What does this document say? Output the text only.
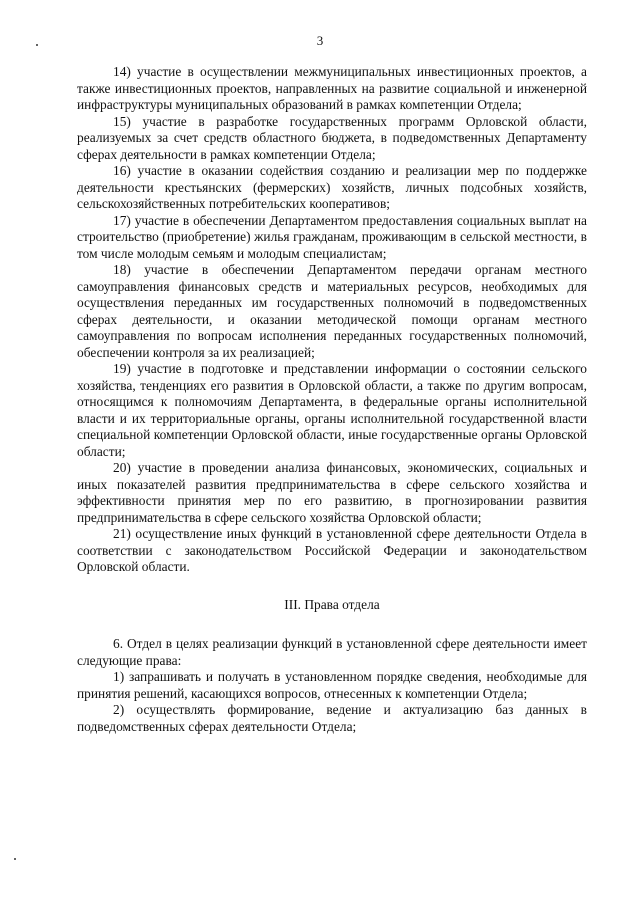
3

14) участие в осуществлении межмуниципальных инвестиционных проектов, а также инвестиционных проектов, направленных на развитие социальной и инженерной инфраструктуры муниципальных образований в рамках компетенции Отдела;

15) участие в разработке государственных программ Орловской области, реализуемых за счет средств областного бюджета, в подведомственных Департаменту сферах деятельности в рамках компетенции Отдела;

16) участие в оказании содействия созданию и реализации мер по поддержке деятельности крестьянских (фермерских) хозяйств, личных подсобных хозяйств, сельскохозяйственных потребительских кооперативов;

17) участие в обеспечении Департаментом предоставления социальных выплат на строительство (приобретение) жилья гражданам, проживающим в сельской местности, в том числе молодым семьям и молодым специалистам;

18) участие в обеспечении Департаментом передачи органам местного самоуправления финансовых средств и материальных ресурсов, необходимых для осуществления переданных им государственных полномочий в подведомственных сферах деятельности, и оказании методической помощи органам местного самоуправления по вопросам исполнения переданных государственных полномочий, обеспечении контроля за их реализацией;

19) участие в подготовке и представлении информации о состоянии сельского хозяйства, тенденциях его развития в Орловской области, а также по другим вопросам, относящимся к полномочиям Департамента, в федеральные органы исполнительной власти и их территориальные органы, органы исполнительной государственной власти специальной компетенции Орловской области, иные государственные органы Орловской области;

20) участие в проведении анализа финансовых, экономических, социальных и иных показателей развития предпринимательства в сфере сельского хозяйства и эффективности принятия мер по его развитию, в прогнозировании развития предпринимательства в сфере сельского хозяйства Орловской области;

21) осуществление иных функций в установленной сфере деятельности Отдела в соответствии с законодательством Российской Федерации и законодательством Орловской области.

III. Права отдела

6. Отдел в целях реализации функций в установленной сфере деятельности имеет следующие права:

1) запрашивать и получать в установленном порядке сведения, необходимые для принятия решений, касающихся вопросов, отнесенных к компетенции Отдела;

2) осуществлять формирование, ведение и актуализацию баз данных в подведомственных сферах деятельности Отдела;
